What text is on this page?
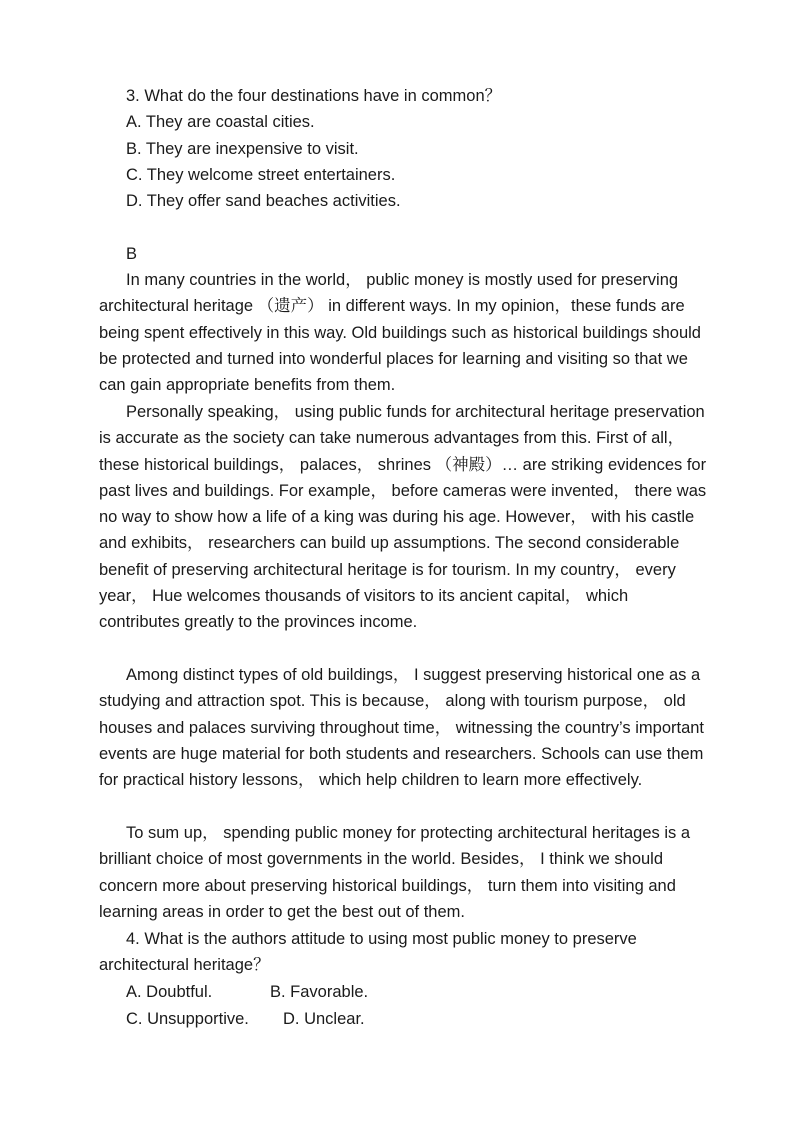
3. What do the four destinations have in common？
A. They are coastal cities.
B. They are inexpensive to visit.
C. They welcome street entertainers.
D. They offer sand beaches activities.
B

In many countries in the world， public money is mostly used for preserving architectural heritage （遗产） in different ways. In my opinion，these funds are being spent effectively in this way. Old buildings such as historical buildings should be protected and turned into wonderful places for learning and visiting so that we can gain appropriate benefits from them.

Personally speaking， using public funds for architectural heritage preservation is accurate as the society can take numerous advantages from this. First of all， these historical buildings， palaces， shrines （神殿）… are striking evidences for past lives and buildings. For example， before cameras were invented， there was no way to show how a life of a king was during his age. However， with his castle and exhibits， researchers can build up assumptions. The second considerable benefit of preserving architectural heritage is for tourism. In my country， every year， Hue welcomes thousands of visitors to its ancient capital， which contributes greatly to the provinces income.

Among distinct types of old buildings， I suggest preserving historical one as a studying and attraction spot. This is because， along with tourism purpose， old houses and palaces surviving throughout time， witnessing the country’s important events are huge material for both students and researchers. Schools can use them for practical history lessons， which help children to learn more effectively.

To sum up， spending public money for protecting architectural heritages is a brilliant choice of most governments in the world. Besides， I think we should concern more about preserving historical buildings， turn them into visiting and learning areas in order to get the best out of them.

4. What is the authors attitude to using most public money to preserve architectural heritage？

A. Doubtful.	B. Favorable.
C. Unsupportive. D. Unclear.
